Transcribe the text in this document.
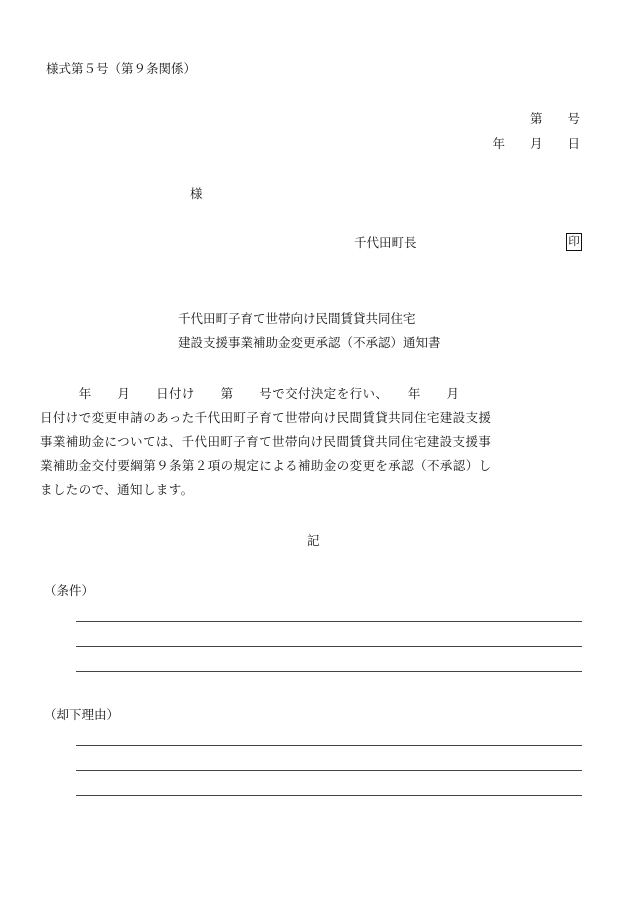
様式第５号（第９条関係）
第　　号
年　　月　　日
様
千代田町長	印
千代田町子育て世帯向け民間賃貸共同住宅
建設支援事業補助金変更承認（不承認）通知書
　　　年　　月　　日付け　　第　　号で交付決定を行い、　　年　　月
日付けで変更申請のあった千代田町子育て世帯向け民間賃貸共同住宅建設支援
事業補助金については、千代田町子育て世帯向け民間賃貸共同住宅建設支援事
業補助金交付要綱第９条第２項の規定による補助金の変更を承認（不承認）し
ましたので、通知します。
記
（条件）
（却下理由）
